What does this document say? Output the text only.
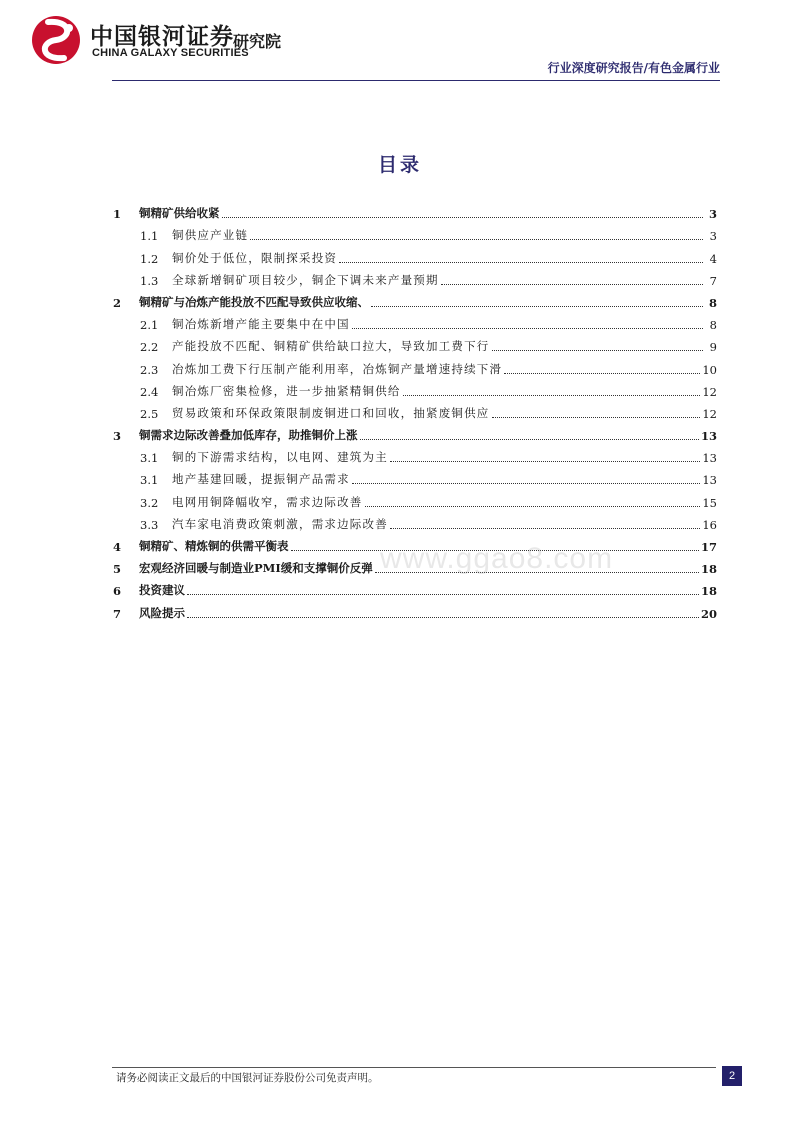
中国银河证券
CHINA GALAXY SECURITIES
研究院
行业深度研究报告/有色金属行业
目录
1	铜精矿供给收紧	3
1.1	铜供应产业链	3
1.2	铜价处于低位，限制探采投资	4
1.3	全球新增铜矿项目较少，铜企下调未来产量预期	7
2	铜精矿与冶炼产能投放不匹配导致供应收缩、	8
2.1	铜冶炼新增产能主要集中在中国	8
2.2	产能投放不匹配、铜精矿供给缺口拉大，导致加工费下行	9
2.3	冶炼加工费下行压制产能利用率，冶炼铜产量增速持续下滑	10
2.4	铜冶炼厂密集检修，进一步抽紧精铜供给	12
2.5	贸易政策和环保政策限制废铜进口和回收，抽紧废铜供应	12
3	铜需求边际改善叠加低库存，助推铜价上涨	13
3.1	铜的下游需求结构，以电网、建筑为主	13
3.1	地产基建回暖，提振铜产品需求	13
3.2	电网用铜降幅收窄，需求边际改善	15
3.3	汽车家电消费政策刺激，需求边际改善	16
4	铜精矿、精炼铜的供需平衡表	17
5	宏观经济回暖与制造业PMI缓和支撑铜价反弹	18
6	投资建议	18
7	风险提示	20
www.ggao8.com
请务必阅读正文最后的中国银河证券股份公司免责声明。	2
